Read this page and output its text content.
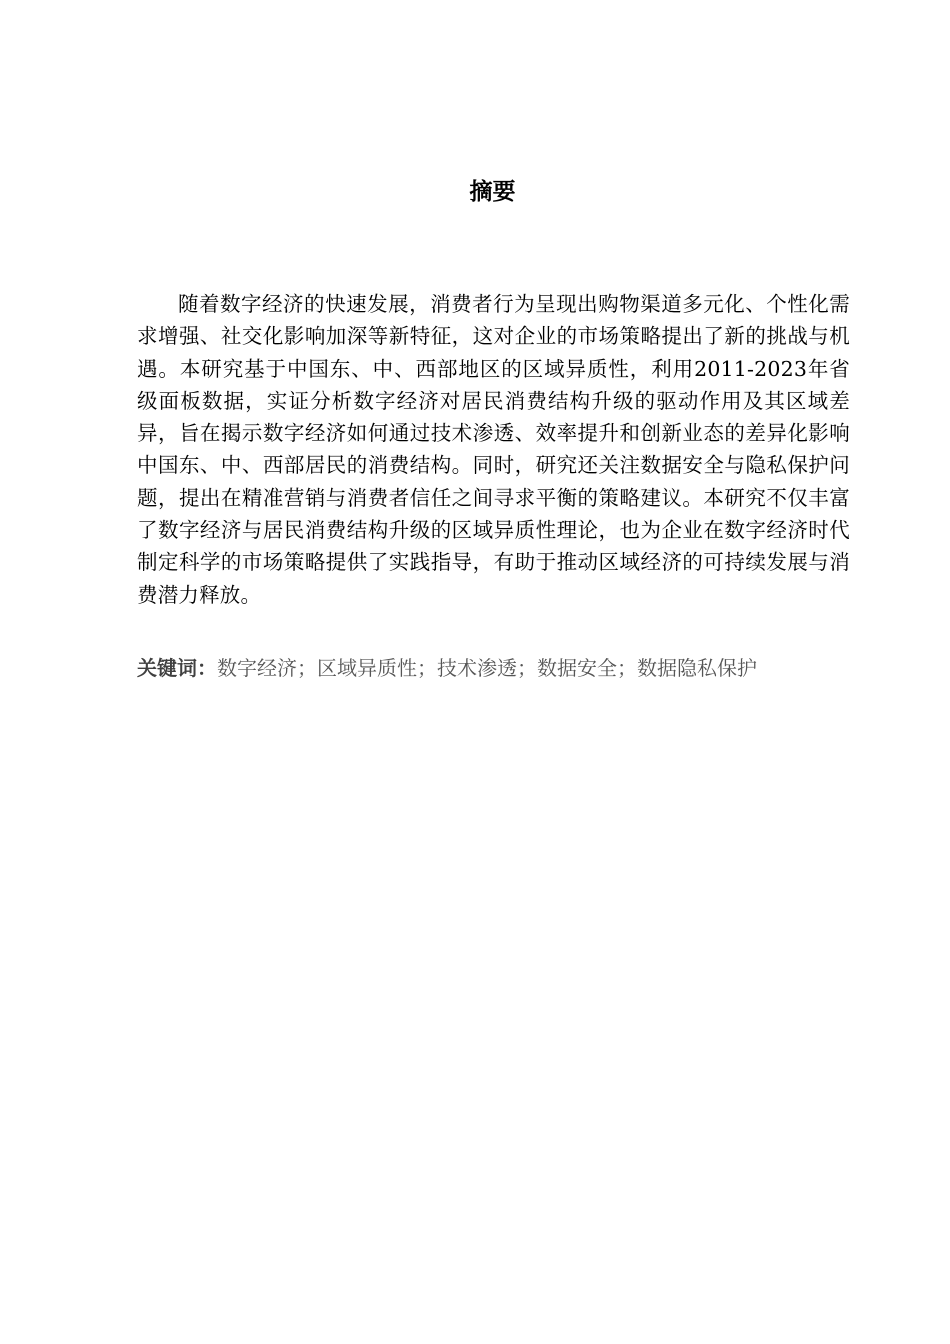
摘要

随着数字经济的快速发展，消费者行为呈现出购物渠道多元化、个性化需求增强、社交化影响加深等新特征，这对企业的市场策略提出了新的挑战与机遇。本研究基于中国东、中、西部地区的区域异质性，利用2011-2023年省级面板数据，实证分析数字经济对居民消费结构升级的驱动作用及其区域差异，旨在揭示数字经济如何通过技术渗透、效率提升和创新业态的差异化影响中国东、中、西部居民的消费结构。同时，研究还关注数据安全与隐私保护问题，提出在精准营销与消费者信任之间寻求平衡的策略建议。本研究不仅丰富了数字经济与居民消费结构升级的区域异质性理论，也为企业在数字经济时代制定科学的市场策略提供了实践指导，有助于推动区域经济的可持续发展与消费潜力释放。

关键词：数字经济；区域异质性；技术渗透；数据安全；数据隐私保护
